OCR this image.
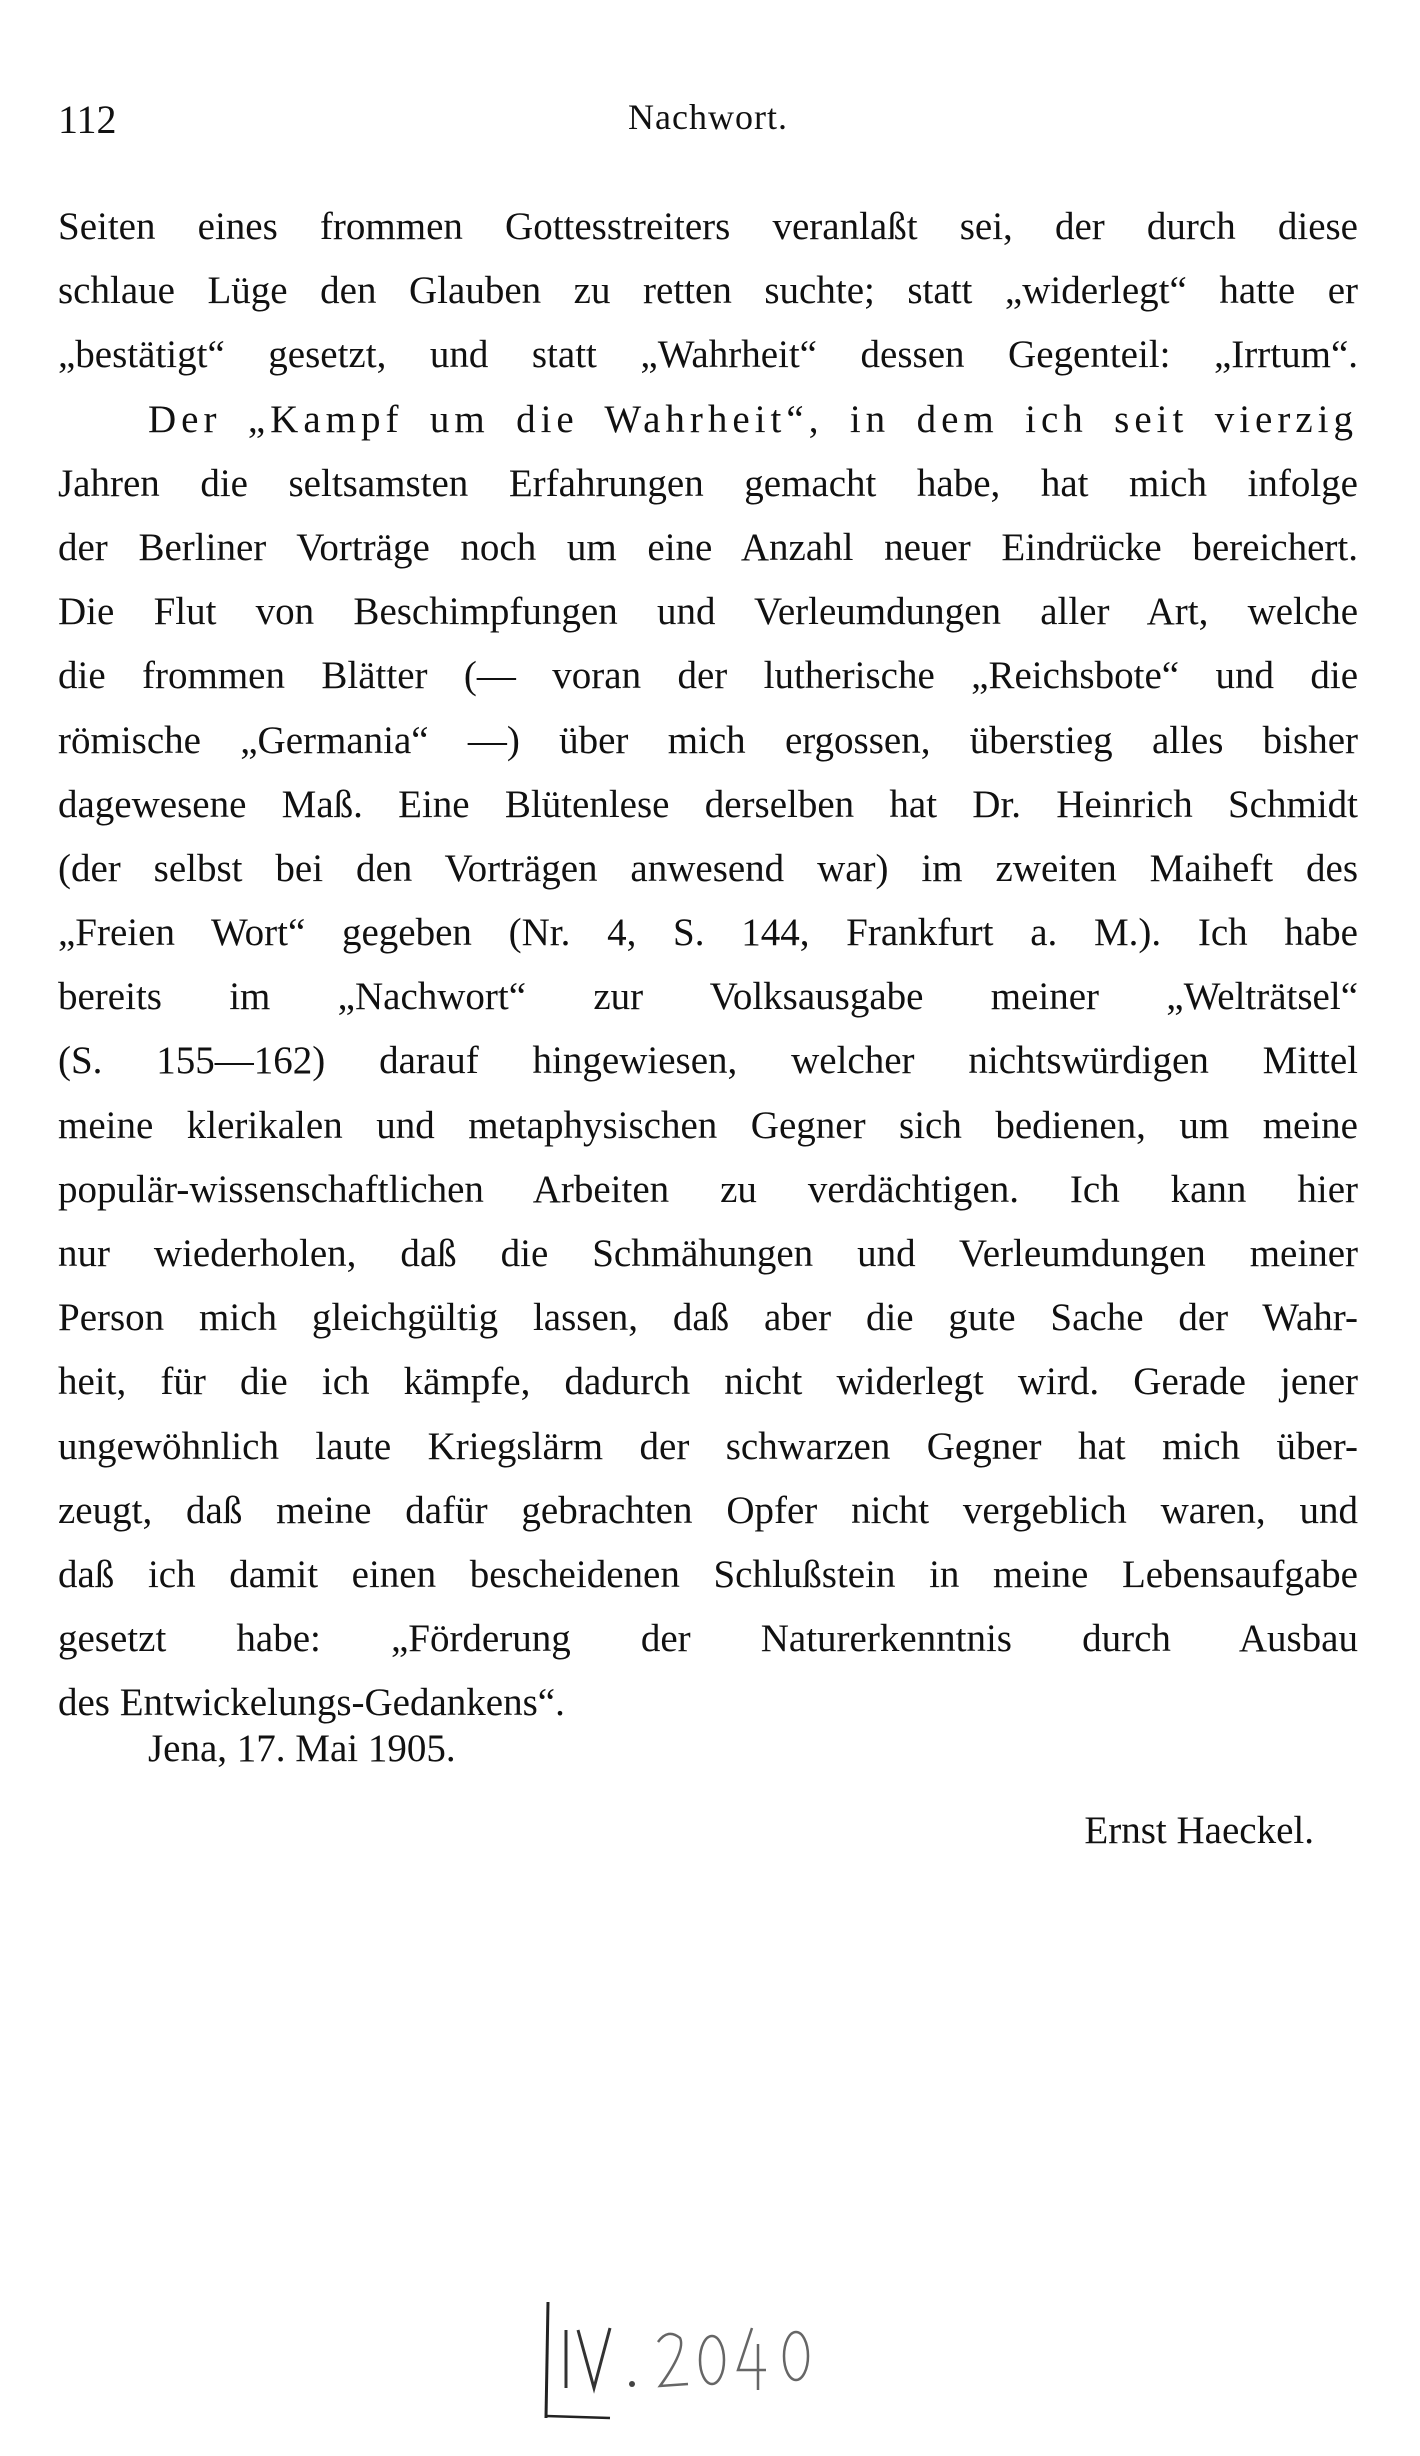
112	Nachwort.
Seiten eines frommen Gottesstreiters veranlaßt sei, der durch diese
schlaue Lüge den Glauben zu retten suchte; statt „widerlegt“ hatte er
„bestätigt“ gesetzt, und statt „Wahrheit“ dessen Gegenteil: „Irrtum“.
Der „Kampf um die Wahrheit“, in dem ich seit vierzig
Jahren die seltsamsten Erfahrungen gemacht habe, hat mich infolge
der Berliner Vorträge noch um eine Anzahl neuer Eindrücke bereichert.
Die Flut von Beschimpfungen und Verleumdungen aller Art, welche
die frommen Blätter (— voran der lutherische „Reichsbote“ und die
römische „Germania“ —) über mich ergossen, überstieg alles bisher
dagewesene Maß. Eine Blütenlese derselben hat Dr. Heinrich Schmidt
(der selbst bei den Vorträgen anwesend war) im zweiten Maiheft des
„Freien Wort“ gegeben (Nr. 4, S. 144, Frankfurt a. M.). Ich habe
bereits im „Nachwort“ zur Volksausgabe meiner „Welträtsel“
(S. 155—162) darauf hingewiesen, welcher nichtswürdigen Mittel
meine klerikalen und metaphysischen Gegner sich bedienen, um meine
populär-wissenschaftlichen Arbeiten zu verdächtigen. Ich kann hier
nur wiederholen, daß die Schmähungen und Verleumdungen meiner
Person mich gleichgültig lassen, daß aber die gute Sache der Wahr-
heit, für die ich kämpfe, dadurch nicht widerlegt wird. Gerade jener
ungewöhnlich laute Kriegslärm der schwarzen Gegner hat mich über-
zeugt, daß meine dafür gebrachten Opfer nicht vergeblich waren, und
daß ich damit einen bescheidenen Schlußstein in meine Lebensaufgabe
gesetzt habe: „Förderung der Naturerkenntnis durch Ausbau
des Entwickelungs-Gedankens“.
Jena, 17. Mai 1905.
Ernst Haeckel.
